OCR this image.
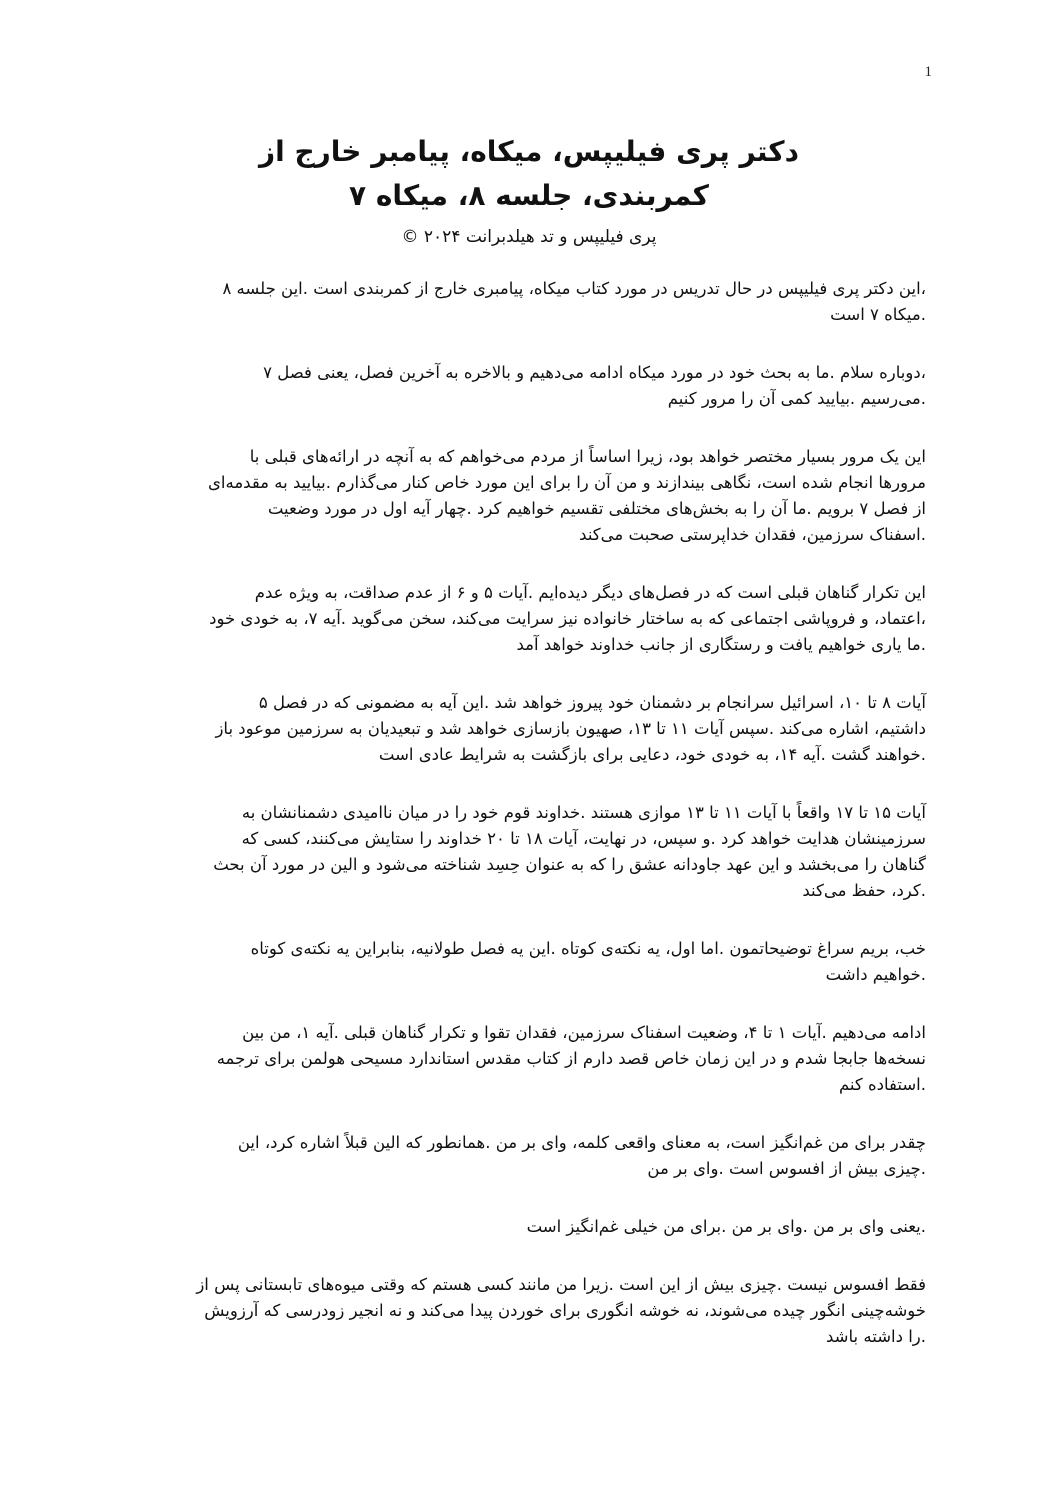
1
دکتر پری فیلیپس، میکاه، پیامبر خارج از
کمربندی، جلسه ۸، میکاه ۷
پری فیلیپس و تد هیلدبرانت ۲۰۲۴ ©
،این دکتر پری فیلیپس در حال تدریس در مورد کتاب میکاه، پیامبری خارج از کمربندی است .این جلسه ۸
.میکاه ۷ است
،دوباره سلام .ما به بحث خود در مورد میکاه ادامه می‌دهیم و بالاخره به آخرین فصل، یعنی فصل ۷
.می‌رسیم .بیایید کمی آن را مرور کنیم
این یک مرور بسیار مختصر خواهد بود، زیرا اساساً از مردم می‌خواهم که به آنچه در ارائه‌های قبلی با
مرورها انجام شده است، نگاهی بیندازند و من آن را برای این مورد خاص کنار می‌گذارم .بیایید به مقدمه‌ای
از فصل ۷ برویم .ما آن را به بخش‌های مختلفی تقسیم خواهیم کرد .چهار آیه اول در مورد وضعیت
.اسفناک سرزمین، فقدان خداپرستی صحبت می‌کند
این تکرار گناهان قبلی است که در فصل‌های دیگر دیده‌ایم .آیات ۵ و ۶ از عدم صداقت، به ویژه عدم
،اعتماد، و فروپاشی اجتماعی که به ساختار خانواده نیز سرایت می‌کند، سخن می‌گوید .آیه ۷، به خودی خود
.ما یاری خواهیم یافت و رستگاری از جانب خداوند خواهد آمد
آیات ۸ تا ۱۰، اسرائیل سرانجام بر دشمنان خود پیروز خواهد شد .این آیه به مضمونی که در فصل ۵
داشتیم، اشاره می‌کند .سپس آیات ۱۱ تا ۱۳، صهیون بازسازی خواهد شد و تبعیدیان به سرزمین موعود باز
.خواهند گشت .آیه ۱۴، به خودی خود، دعایی برای بازگشت به شرایط عادی است
آیات ۱۵ تا ۱۷ واقعاً با آیات ۱۱ تا ۱۳ موازی هستند .خداوند قوم خود را در میان ناامیدی دشمنانشان به
سرزمینشان هدایت خواهد کرد .و سپس، در نهایت، آیات ۱۸ تا ۲۰ خداوند را ستایش می‌کنند، کسی که
گناهان را می‌بخشد و این عهد جاودانه عشق را که به عنوان حِسِد شناخته می‌شود و الین در مورد آن بحث
.کرد، حفظ می‌کند
خب، بریم سراغ توضیحاتمون .اما اول، یه نکته‌ی کوتاه .این یه فصل طولانیه، بنابراین یه نکته‌ی کوتاه
.خواهیم داشت
ادامه می‌دهیم .آیات ۱ تا ۴، وضعیت اسفناک سرزمین، فقدان تقوا و تکرار گناهان قبلی .آیه ۱، من بین
نسخه‌ها جابجا شدم و در این زمان خاص قصد دارم از کتاب مقدس استاندارد مسیحی هولمن برای ترجمه
.استفاده کنم
چقدر برای من غم‌انگیز است، به معنای واقعی کلمه، وای بر من .همانطور که الین قبلاً اشاره کرد، این
.چیزی بیش از افسوس است .وای بر من
.یعنی وای بر من .وای بر من .برای من خیلی غم‌انگیز است
فقط افسوس نیست .چیزی بیش از این است .زیرا من مانند کسی هستم که وقتی میوه‌های تابستانی پس از
خوشه‌چینی انگور چیده می‌شوند، نه خوشه انگوری برای خوردن پیدا می‌کند و نه انجیر زودرسی که آرزویش
.را داشته باشد
